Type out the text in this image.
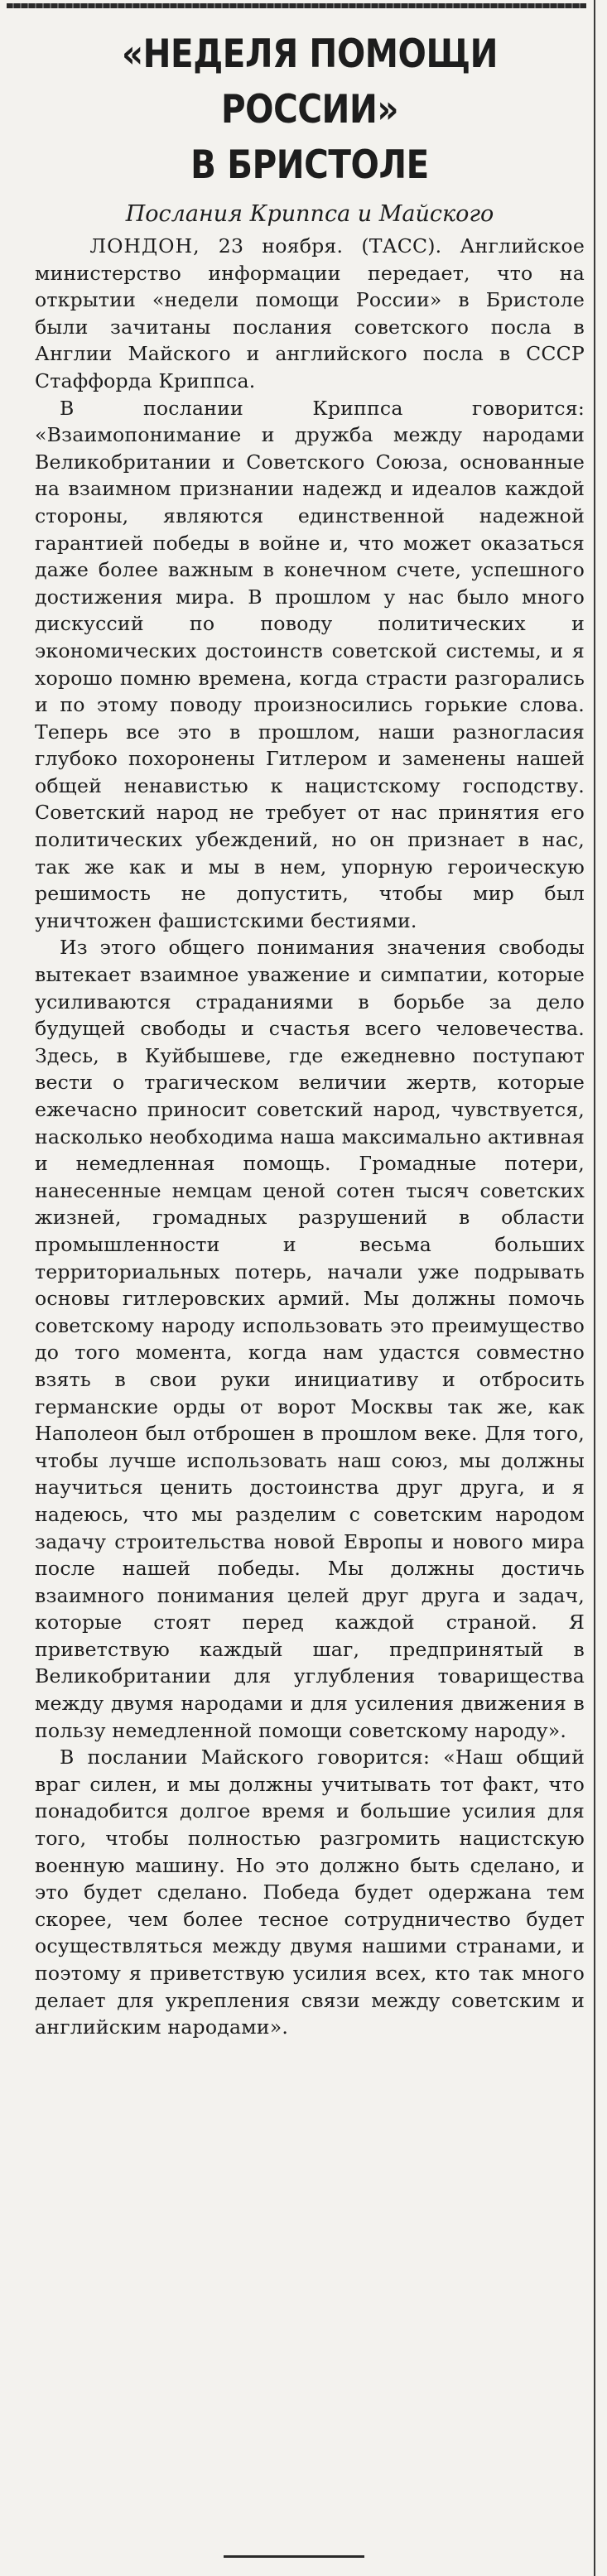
«НЕДЕЛЯ ПОМОЩИ РОССИИ»
В БРИСТОЛЕ
Послания Криппса и Майского

ЛОНДОН, 23 ноября. (ТАСС). Английское министерство информации передает, что на открытии «недели помощи России» в Бристоле были зачитаны послания советского посла в Англии Майского и английского посла в СССР Стаффорда Криппса.

В послании Криппса говорится: «Взаимопонимание и дружба между народами Великобритании и Советского Союза, основанные на взаимном признании надежд и идеалов каждой стороны, являются единственной надежной гарантией победы в войне и, что может оказаться даже более важным в конечном счете, успешного достижения мира. В прошлом у нас было много дискуссий по поводу политических и экономических достоинств советской системы, и я хорошо помню времена, когда страсти разгорались и по этому поводу произносились горькие слова. Теперь все это в прошлом, наши разногласия глубоко похоронены Гитлером и заменены нашей общей ненавистью к нацистскому господству. Советский народ не требует от нас принятия его политических убеждений, но он признает в нас, так же как и мы в нем, упорную героическую решимость не допустить, чтобы мир был уничтожен фашистскими бестиями.

Из этого общего понимания значения свободы вытекает взаимное уважение и симпатии, которые усиливаются страданиями в борьбе за дело будущей свободы и счастья всего человечества. Здесь, в Куйбышеве, где ежедневно поступают вести о трагическом величии жертв, которые ежечасно приносит советский народ, чувствуется, насколько необходима наша максимально активная и немедленная помощь. Громадные потери, нанесенные немцам ценой сотен тысяч советских жизней, громадных разрушений в области промышленности и весьма больших территориальных потерь, начали уже подрывать основы гитлеровских армий. Мы должны помочь советскому народу использовать это преимущество до того момента, когда нам удастся совместно взять в свои руки инициативу и отбросить германские орды от ворот Москвы так же, как Наполеон был отброшен в прошлом веке. Для того, чтобы лучше использовать наш союз, мы должны научиться ценить достоинства друг друга, и я надеюсь, что мы разделим с советским народом задачу строительства новой Европы и нового мира после нашей победы. Мы должны достичь взаимного понимания целей друг друга и задач, которые стоят перед каждой страной. Я приветствую каждый шаг, предпринятый в Великобритании для углубления товарищества между двумя народами и для усиления движения в пользу немедленной помощи советскому народу».

В послании Майского говорится: «Наш общий враг силен, и мы должны учитывать тот факт, что понадобится долгое время и большие усилия для того, чтобы полностью разгромить нацистскую военную машину. Но это должно быть сделано, и это будет сделано. Победа будет одержана тем скорее, чем более тесное сотрудничество будет осуществляться между двумя нашими странами, и поэтому я приветствую усилия всех, кто так много делает для укрепления связи между советским и английским народами».
